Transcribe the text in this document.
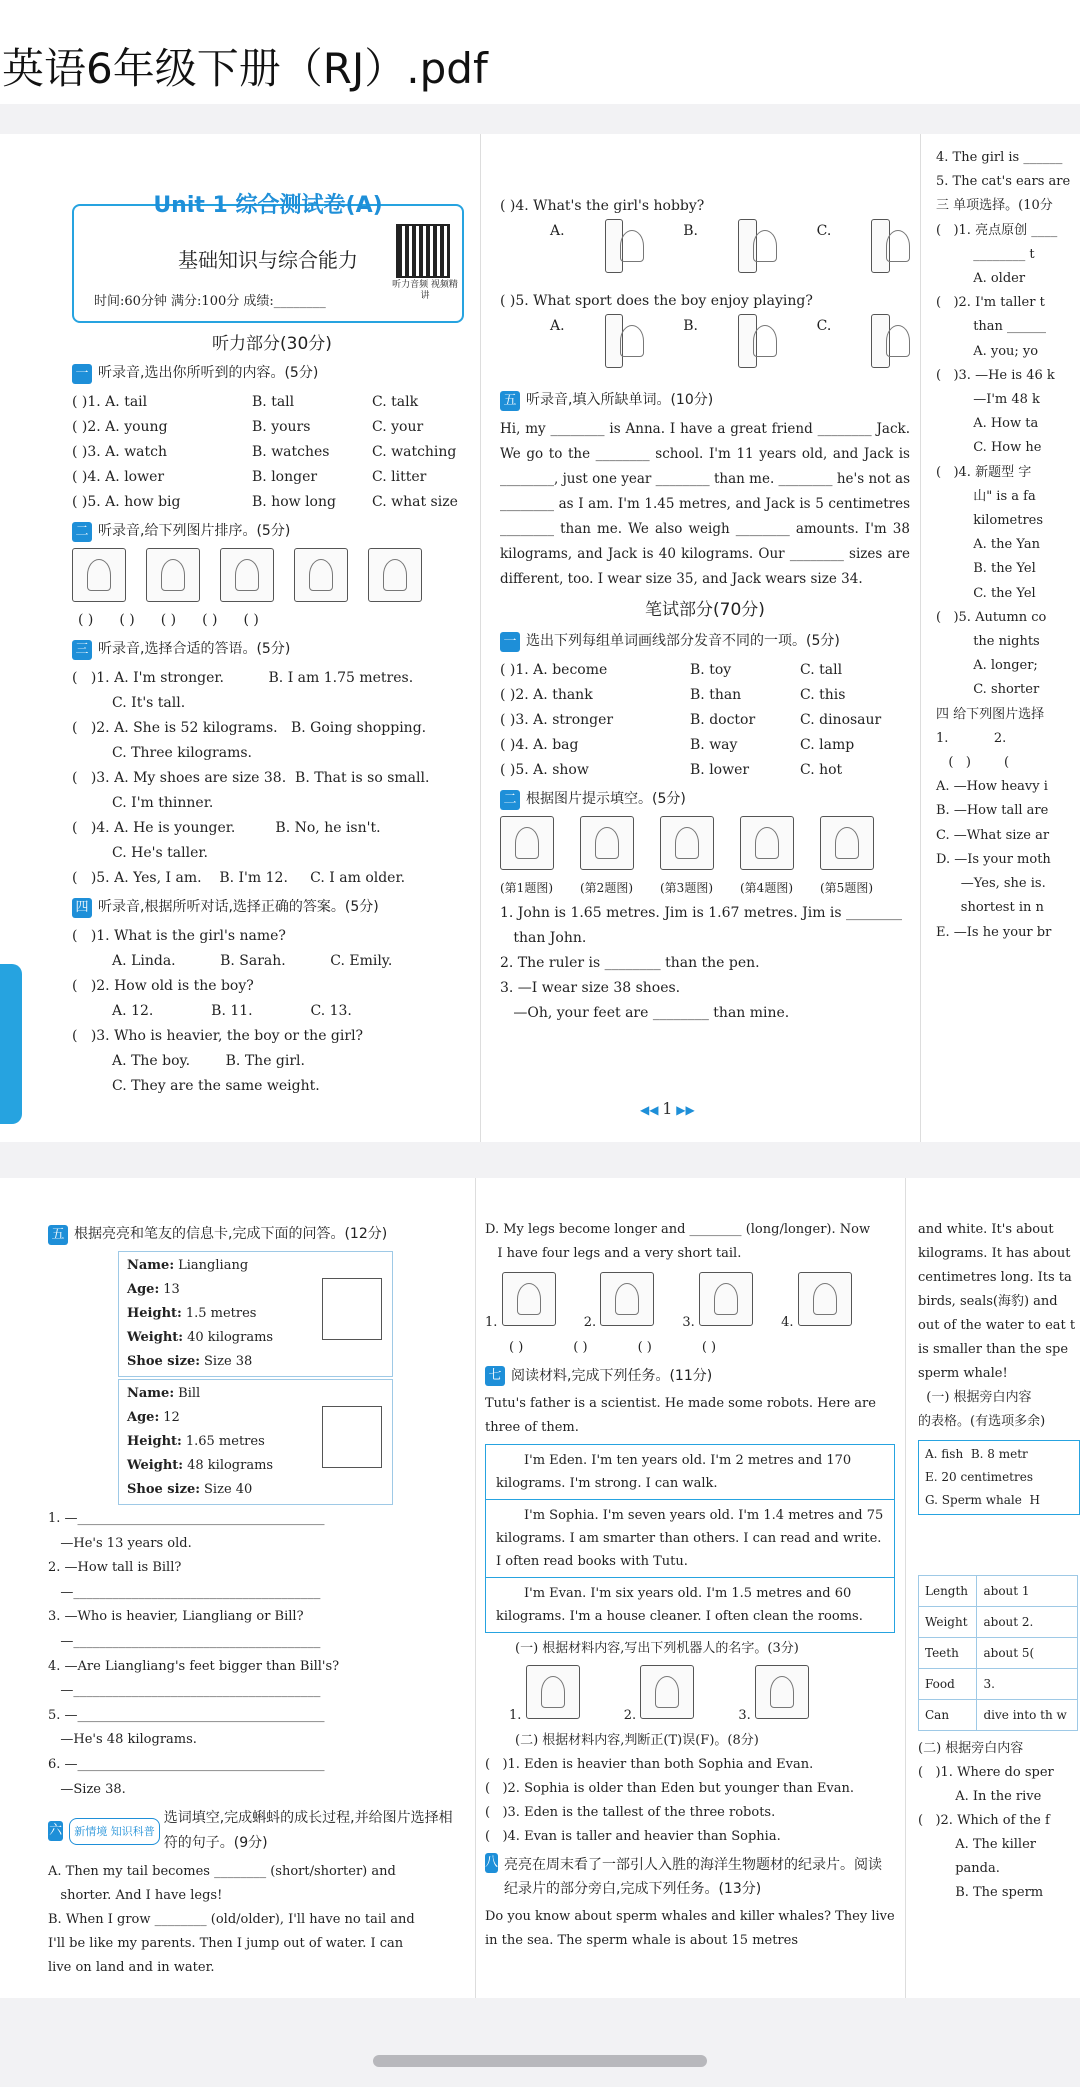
英语6年级下册（RJ）.pdf
Unit 1 综合测试卷(A)
基础知识与综合能力
时间:60分钟 满分:100分 成绩:________
听力音频 视频精讲
听力部分(30分)
一 听录音,选出你所听到的内容。(5分)
( )1. A. tail	B. tall	C. talk
( )2. A. young	B. yours	C. your
( )3. A. watch	B. watches	C. watching
( )4. A. lower	B. longer	C. litter
( )5. A. how big	B. how long	C. what size
二 听录音,给下列图片排序。(5分)
( ) ( ) ( ) ( ) ( )
三 听录音,选择合适的答语。(5分)
(   )1. A. I'm stronger.          B. I am 1.75 metres.
C. It's tall.
(   )2. A. She is 52 kilograms.   B. Going shopping.
C. Three kilograms.
(   )3. A. My shoes are size 38.  B. That is so small.
C. I'm thinner.
(   )4. A. He is younger.         B. No, he isn't.
C. He's taller.
(   )5. A. Yes, I am.    B. I'm 12.     C. I am older.
四 听录音,根据所听对话,选择正确的答案。(5分)
(   )1. What is the girl's name?
A. Linda.          B. Sarah.          C. Emily.
(   )2. How old is the boy?
A. 12.             B. 11.             C. 13.
(   )3. Who is heavier, the boy or the girl?
A. The boy.        B. The girl.
C. They are the same weight.
( )4. What's the girl's hobby?
A.	B.	C.
( )5. What sport does the boy enjoy playing?
A.	B.	C.
五 听录音,填入所缺单词。(10分)
Hi, my ________ is Anna. I have a great friend ________ Jack. We go to the ________ school. I'm 11 years old, and Jack is ________, just one year ________ than me. ________ he's not as ________ as I am. I'm 1.45 metres, and Jack is 5 centimetres ________ than me. We also weigh ________ amounts. I'm 38 kilograms, and Jack is 40 kilograms. Our ________ sizes are different, too. I wear size 35, and Jack wears size 34.
笔试部分(70分)
一 选出下列每组单词画线部分发音不同的一项。(5分)
( )1. A. become	B. toy	C. tall
( )2. A. thank	B. than	C. this
( )3. A. stronger	B. doctor	C. dinosaur
( )4. A. bag	B. way	C. lamp
( )5. A. show	B. lower	C. hot
二 根据图片提示填空。(5分)
(第1题图)	(第2题图)	(第3题图)	(第4题图)	(第5题图)
1. John is 1.65 metres. Jim is 1.67 metres. Jim is ________
than John.
2. The ruler is ________ than the pen.
3. —I wear size 38 shoes.
—Oh, your feet are ________ than mine.
4. The girl is ______
5. The cat's ears are
三 单项选择。(10分
(   )1. 亮点原创 ____
________ t
A. older
(   )2. I'm taller t
than ______
A. you; yo
(   )3. —He is 46 k
—I'm 48 k
A. How ta
C. How he
(   )4. 新题型 字
山" is a fa
kilometres
A. the Yan
B. the Yel
C. the Yel
(   )5. Autumn co
the nights
A. longer;
C. shorter
四 给下列图片选择
1.           2.
(   )        (
A. —How heavy i
B. —How tall are
C. —What size ar
D. —Is your moth
—Yes, she is.
shortest in n
E. —Is he your br
◀◀ 1 ▶▶
五 根据亮亮和笔友的信息卡,完成下面的问答。(12分)
Name: Liangliang
Age: 13
Height: 1.5 metres
Weight: 40 kilograms
Shoe size: Size 38
Name: Bill
Age: 12
Height: 1.65 metres
Weight: 48 kilograms
Shoe size: Size 40
1. —______________________________________
—He's 13 years old.
2. —How tall is Bill?
—______________________________________
3. —Who is heavier, Liangliang or Bill?
—______________________________________
4. —Are Liangliang's feet bigger than Bill's?
—______________________________________
5. —______________________________________
—He's 48 kilograms.
6. —______________________________________
—Size 38.
六	新情境 知识科普
选词填空,完成蝌蚪的成长过程,并给图片选择相符的句子。(9分)
A. Then my tail becomes ________ (short/shorter) and
shorter. And I have legs!
B. When I grow ________ (old/older), I'll have no tail and
I'll be like my parents. Then I jump out of water. I can
live on land and in water.
D. My legs become longer and ________ (long/longer). Now
I have four legs and a very short tail.
1.	2.	3.	4.
( )	( )	( )	( )
七 阅读材料,完成下列任务。(11分)
Tutu's father is a scientist. He made some robots. Here are three of them.
I'm Eden. I'm ten years old. I'm 2 metres and 170 kilograms. I'm strong. I can walk.
I'm Sophia. I'm seven years old. I'm 1.4 metres and 75 kilograms. I am smarter than others. I can read and write. I often read books with Tutu.
I'm Evan. I'm six years old. I'm 1.5 metres and 60 kilograms. I'm a house cleaner. I often clean the rooms.
(一) 根据材料内容,写出下列机器人的名字。(3分)
1.	2.	3.
(二) 根据材料内容,判断正(T)误(F)。(8分)
(   )1. Eden is heavier than both Sophia and Evan.
(   )2. Sophia is older than Eden but younger than Evan.
(   )3. Eden is the tallest of the three robots.
(   )4. Evan is taller and heavier than Sophia.
八 亮亮在周末看了一部引人入胜的海洋生物题材的纪录片。阅读纪录片的部分旁白,完成下列任务。(13分)
Do you know about sperm whales and killer whales? They live in the sea. The sperm whale is about 15 metres
and white. It's about
kilograms. It has about
centimetres long. Its ta
birds, seals(海豹) and
out of the water to eat t
is smaller than the spe
sperm whale!
(一) 根据旁白内容
的表格。(有选项多余)
A. fish  B. 8 metr
E. 20 centimetres
G. Sperm whale  H
Length	about 1
Weight	about 2.
Teeth	about 5(
Food	3.
Can	dive into th w
(二) 根据旁白内容
(   )1. Where do sper
A. In the rive
(   )2. Which of the f
A. The killer
panda.
B. The sperm
